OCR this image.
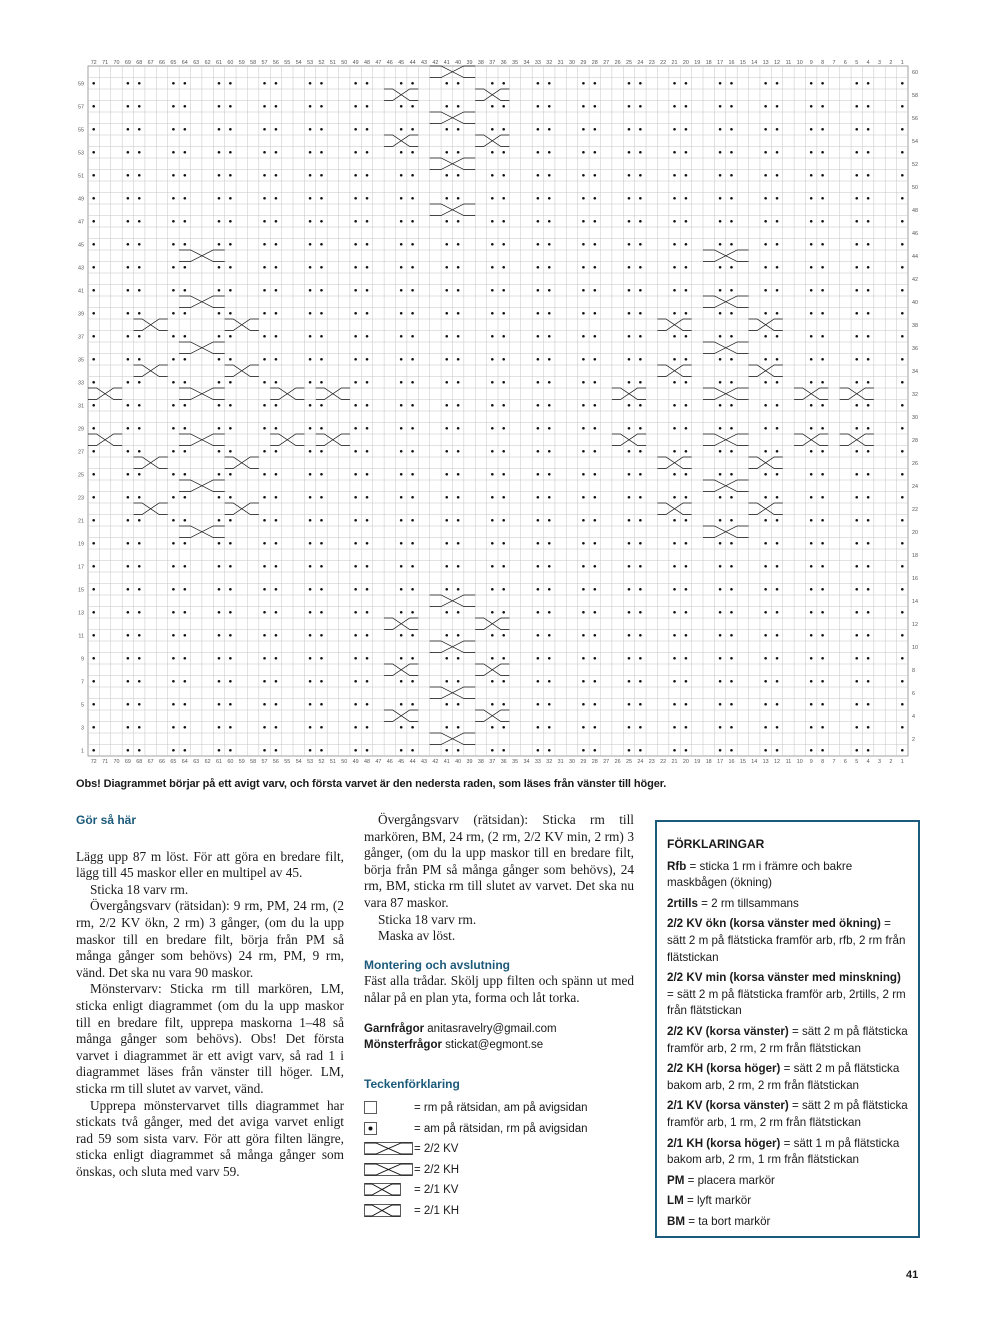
72
72
71
71
70
70
69
69
68
68
67
67
66
66
65
65
64
64
63
63
62
62
61
61
60
60
59
59
58
58
57
57
56
56
55
55
54
54
53
53
52
52
51
51
50
50
49
49
48
48
47
47
46
46
45
45
44
44
43
43
42
42
41
41
40
40
39
39
38
38
37
37
36
36
35
35
34
34
33
33
32
32
31
31
30
30
29
29
28
28
27
27
26
26
25
25
24
24
23
23
22
22
21
21
20
20
19
19
18
18
17
17
16
16
15
15
14
14
13
13
12
12
11
11
10
10
9
9
8
8
7
7
6
6
5
5
4
4
3
3
2
2
1
1
59
57
55
53
51
49
47
45
43
41
39
37
35
33
31
29
27
25
23
21
19
17
15
13
11
9
7
5
3
1
60
58
56
54
52
50
48
46
44
42
40
38
36
34
32
30
28
26
24
22
20
18
16
14
12
10
8
6
4
2
Obs! Diagrammet börjar på ett avigt varv, och första varvet är den nedersta raden, som läses från vänster till höger.
Gör så här

Lägg upp 87 m löst. För att göra en bredare filt, lägg till 45 maskor eller en multipel av 45.

Sticka 18 varv rm.

Övergångsvarv (rätsidan): 9 rm, PM, 24 rm, (2 rm, 2/2 KV ökn, 2 rm) 3 gånger, (om du la upp maskor till en bredare filt, börja från PM så många gånger som behövs) 24 rm, PM, 9 rm, vänd. Det ska nu vara 90 maskor.

Mönstervarv: Sticka rm till markören, LM, sticka enligt diagrammet (om du la upp maskor till en bredare filt, upprepa maskorna 1–48 så många gånger som behövs). Obs! Det första varvet i diagrammet är ett avigt varv, så rad 1 i diagrammet läses från vänster till höger. LM, sticka rm till slutet av varvet, vänd.

Upprepa mönstervarvet tills diagrammet har stickats två gånger, med det aviga varvet enligt rad 59 som sista varv. För att göra filten längre, sticka enligt diagrammet så många gånger som önskas, och sluta med varv 59.

Övergångsvarv (rätsidan): Sticka rm till markören, BM, 24 rm, (2 rm, 2/2 KV min, 2 rm) 3 gånger, (om du la upp maskor till en bredare filt, börja från PM så många gånger som behövs), 24 rm, BM, sticka rm till slutet av varvet. Det ska nu vara 87 maskor.

Sticka 18 varv rm.

Maska av löst.

Montering och avslutning

Fäst alla trådar. Skölj upp filten och spänn ut med nålar på en plan yta, forma och låt torka.

Garnfrågor anitasravelry@gmail.com
Mönsterfrågor stickat@egmont.se
Teckenförklaring
= rm på rätsidan, am på avigsidan
= am på rätsidan, rm på avigsidan
= 2/2 KV
= 2/2 KH
= 2/1 KV
= 2/1 KH
FÖRKLARINGAR
Rfb = sticka 1 rm i främre och bakre maskbågen (ökning)
2rtills = 2 rm tillsammans
2/2 KV ökn (korsa vänster med ökning) = sätt 2 m på flätsticka framför arb, rfb, 2 rm från flätstickan
2/2 KV min (korsa vänster med minskning) = sätt 2 m på flätsticka framför arb, 2rtills, 2 rm från flätstickan
2/2 KV (korsa vänster) = sätt 2 m på flätsticka framför arb, 2 rm, 2 rm från flätstickan
2/2 KH (korsa höger) = sätt 2 m på flätsticka bakom arb, 2 rm, 2 rm från flätstickan
2/1 KV (korsa vänster) = sätt 2 m på flätsticka framför arb, 1 rm, 2 rm från flätstickan
2/1 KH (korsa höger) = sätt 1 m på flätsticka bakom arb, 2 rm, 1 rm från flätstickan
PM = placera markör
LM = lyft markör
BM = ta bort markör
41
